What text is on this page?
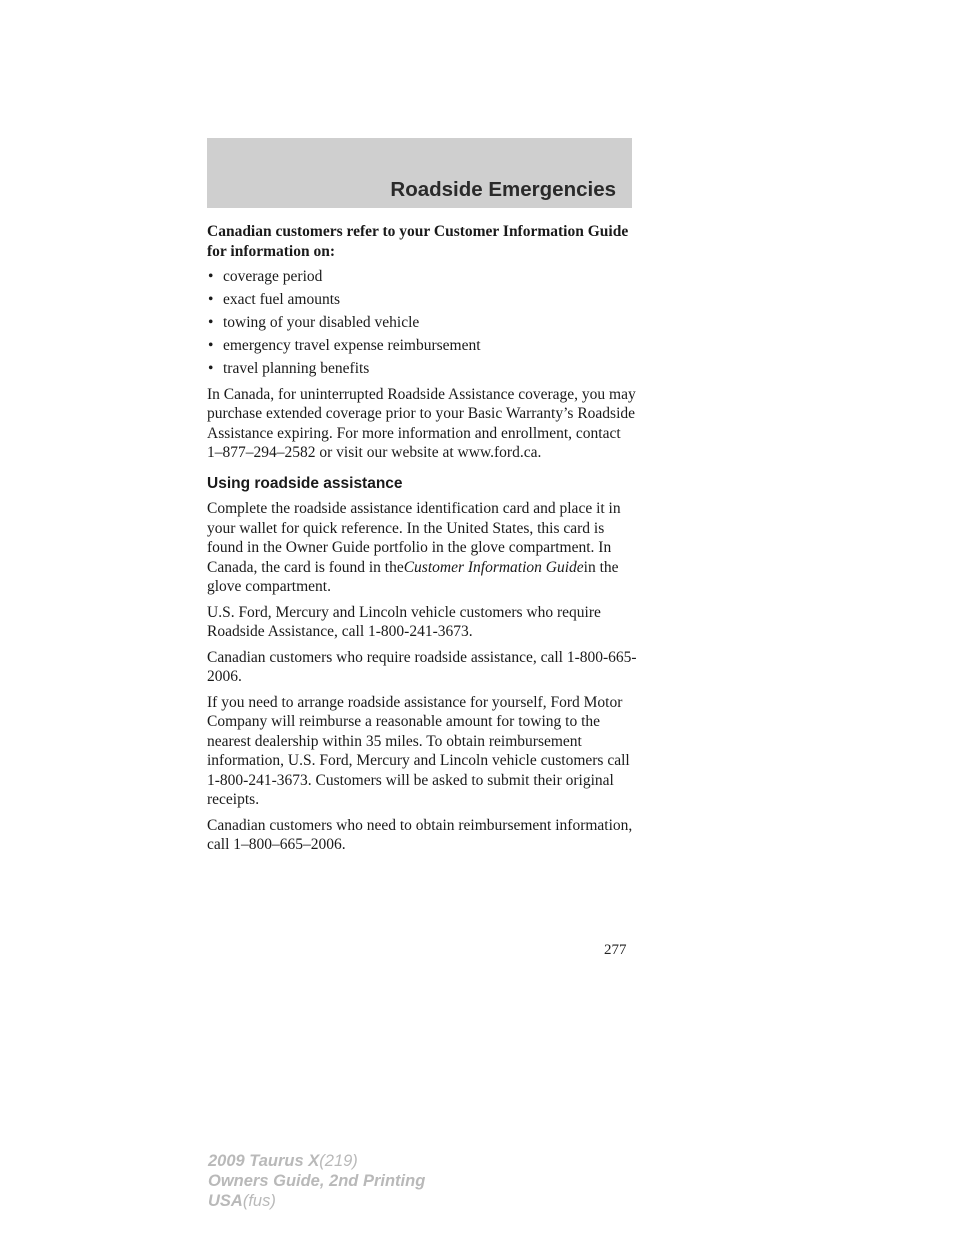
Roadside Emergencies

Canadian customers refer to your Customer Information Guide for information on:

• coverage period
• exact fuel amounts
• towing of your disabled vehicle
• emergency travel expense reimbursement
• travel planning benefits

In Canada, for uninterrupted Roadside Assistance coverage, you may purchase extended coverage prior to your Basic Warranty’s Roadside Assistance expiring. For more information and enrollment, contact 1–877–294–2582 or visit our website at www.ford.ca.

Using roadside assistance

Complete the roadside assistance identification card and place it in your wallet for quick reference. In the United States, this card is found in the Owner Guide portfolio in the glove compartment. In Canada, the card is found in theCustomer Information Guidein the glove compartment.

U.S. Ford, Mercury and Lincoln vehicle customers who require Roadside Assistance, call 1-800-241-3673.

Canadian customers who require roadside assistance, call 1-800-665-2006.

If you need to arrange roadside assistance for yourself, Ford Motor Company will reimburse a reasonable amount for towing to the nearest dealership within 35 miles. To obtain reimbursement information, U.S. Ford, Mercury and Lincoln vehicle customers call 1-800-241-3673. Customers will be asked to submit their original receipts.

Canadian customers who need to obtain reimbursement information, call 1–800–665–2006.

277
2009 Taurus X(219)
Owners Guide, 2nd Printing
USA(fus)
